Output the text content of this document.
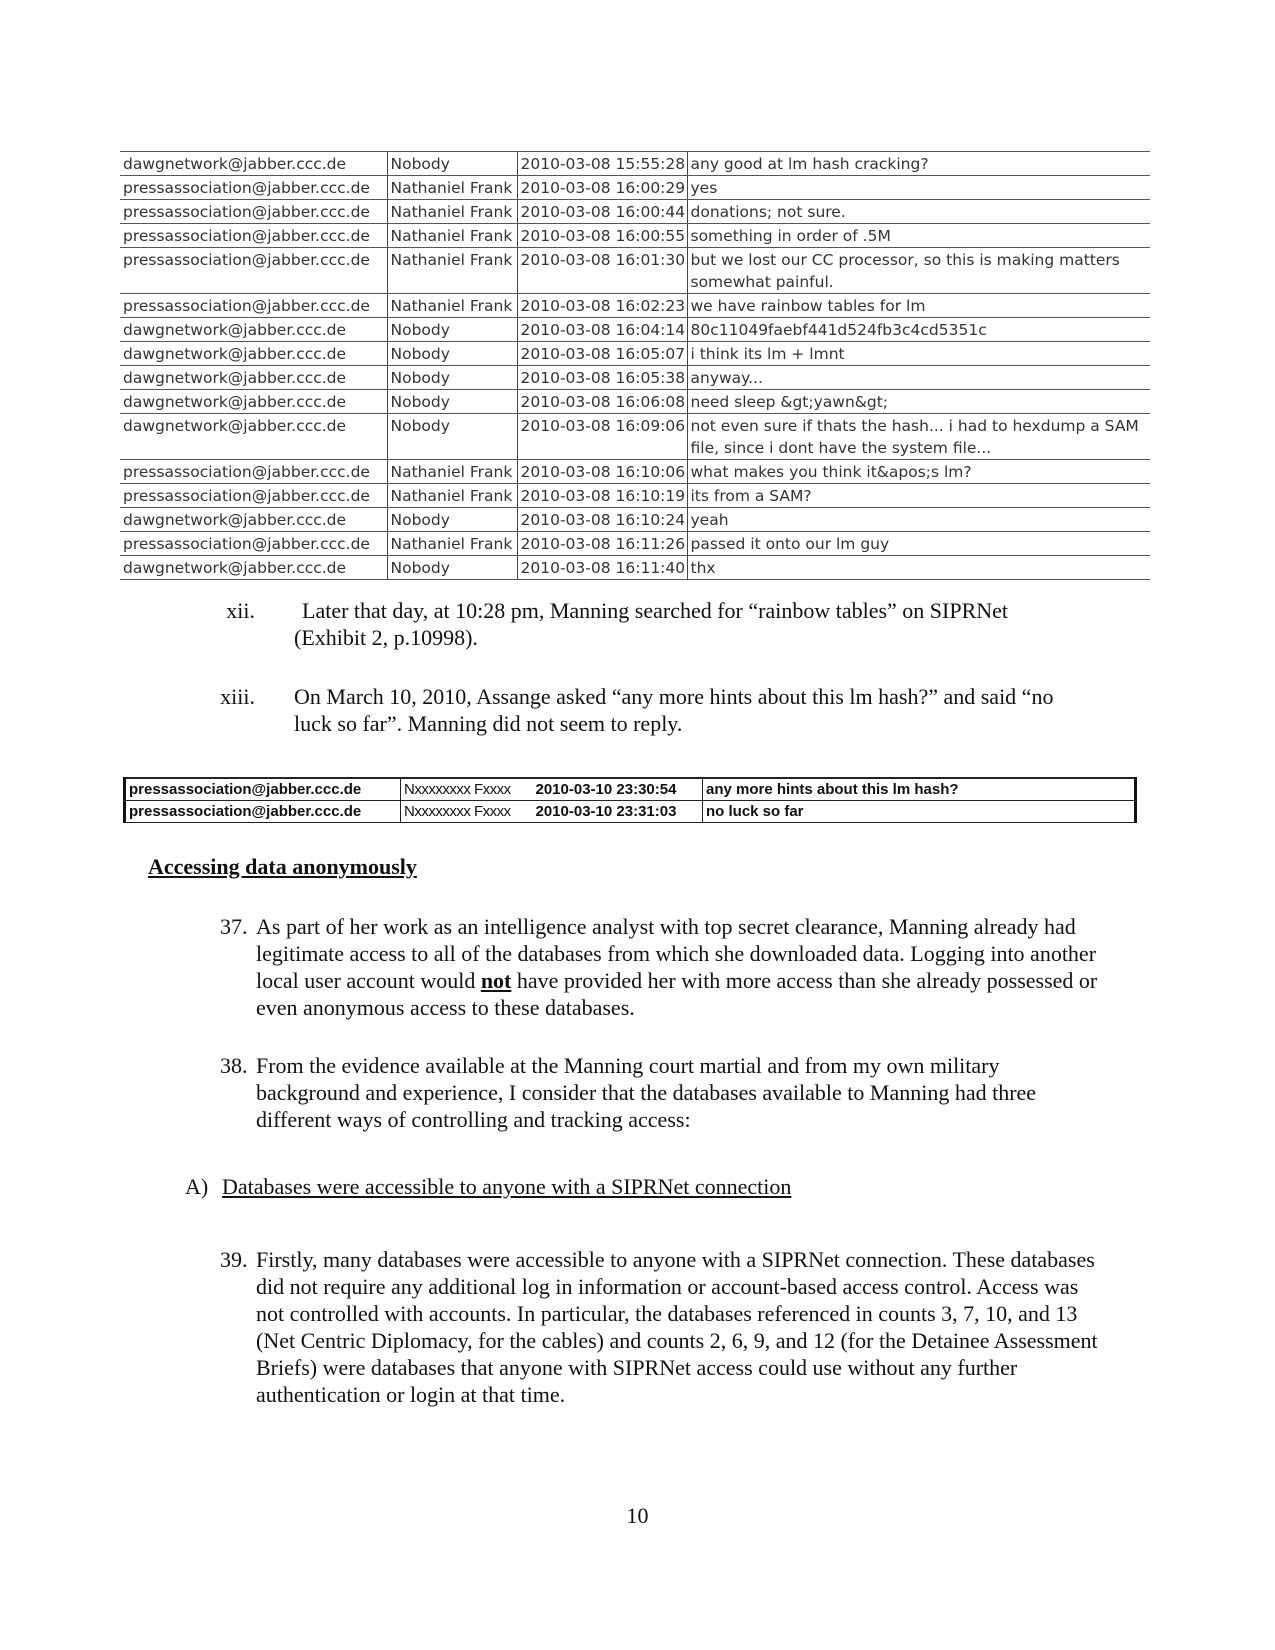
dawgnetwork@jabber.ccc.de	Nobody	2010-03-08 15:55:28	any good at lm hash cracking?
pressassociation@jabber.ccc.de	Nathaniel Frank	2010-03-08 16:00:29	yes
pressassociation@jabber.ccc.de	Nathaniel Frank	2010-03-08 16:00:44	donations; not sure.
pressassociation@jabber.ccc.de	Nathaniel Frank	2010-03-08 16:00:55	something in order of .5M
pressassociation@jabber.ccc.de	Nathaniel Frank	2010-03-08 16:01:30	but we lost our CC processor, so this is making matters somewhat painful.
pressassociation@jabber.ccc.de	Nathaniel Frank	2010-03-08 16:02:23	we have rainbow tables for lm
dawgnetwork@jabber.ccc.de	Nobody	2010-03-08 16:04:14	80c11049faebf441d524fb3c4cd5351c
dawgnetwork@jabber.ccc.de	Nobody	2010-03-08 16:05:07	i think its lm + lmnt
dawgnetwork@jabber.ccc.de	Nobody	2010-03-08 16:05:38	anyway...
dawgnetwork@jabber.ccc.de	Nobody	2010-03-08 16:06:08	need sleep &gt;yawn&gt;
dawgnetwork@jabber.ccc.de	Nobody	2010-03-08 16:09:06	not even sure if thats the hash... i had to hexdump a SAM file, since i dont have the system file...
pressassociation@jabber.ccc.de	Nathaniel Frank	2010-03-08 16:10:06	what makes you think it&apos;s lm?
pressassociation@jabber.ccc.de	Nathaniel Frank	2010-03-08 16:10:19	its from a SAM?
dawgnetwork@jabber.ccc.de	Nobody	2010-03-08 16:10:24	yeah
pressassociation@jabber.ccc.de	Nathaniel Frank	2010-03-08 16:11:26	passed it onto our lm guy
dawgnetwork@jabber.ccc.de	Nobody	2010-03-08 16:11:40	thx
xii.	Later that day, at 10:28 pm, Manning searched for “rainbow tables” on SIPRNet (Exhibit 2, p.10998).
xiii. On March 10, 2010, Assange asked “any more hints about this lm hash?” and said “no luck so far”. Manning did not seem to reply.
pressassociation@jabber.ccc.de	Nxxxxxxxx Fxxxx	2010-03-10 23:30:54	any more hints about this lm hash?
pressassociation@jabber.ccc.de	Nxxxxxxxx Fxxxx	2010-03-10 23:31:03	no luck so far
Accessing data anonymously
37. As part of her work as an intelligence analyst with top secret clearance, Manning already had legitimate access to all of the databases from which she downloaded data. Logging into another local user account would not have provided her with more access than she already possessed or even anonymous access to these databases.
38. From the evidence available at the Manning court martial and from my own military background and experience, I consider that the databases available to Manning had three different ways of controlling and tracking access:
A) Databases were accessible to anyone with a SIPRNet connection
39. Firstly, many databases were accessible to anyone with a SIPRNet connection. These databases did not require any additional log in information or account-based access control. Access was not controlled with accounts. In particular, the databases referenced in counts 3, 7, 10, and 13 (Net Centric Diplomacy, for the cables) and counts 2, 6, 9, and 12 (for the Detainee Assessment Briefs) were databases that anyone with SIPRNet access could use without any further authentication or login at that time.
10
